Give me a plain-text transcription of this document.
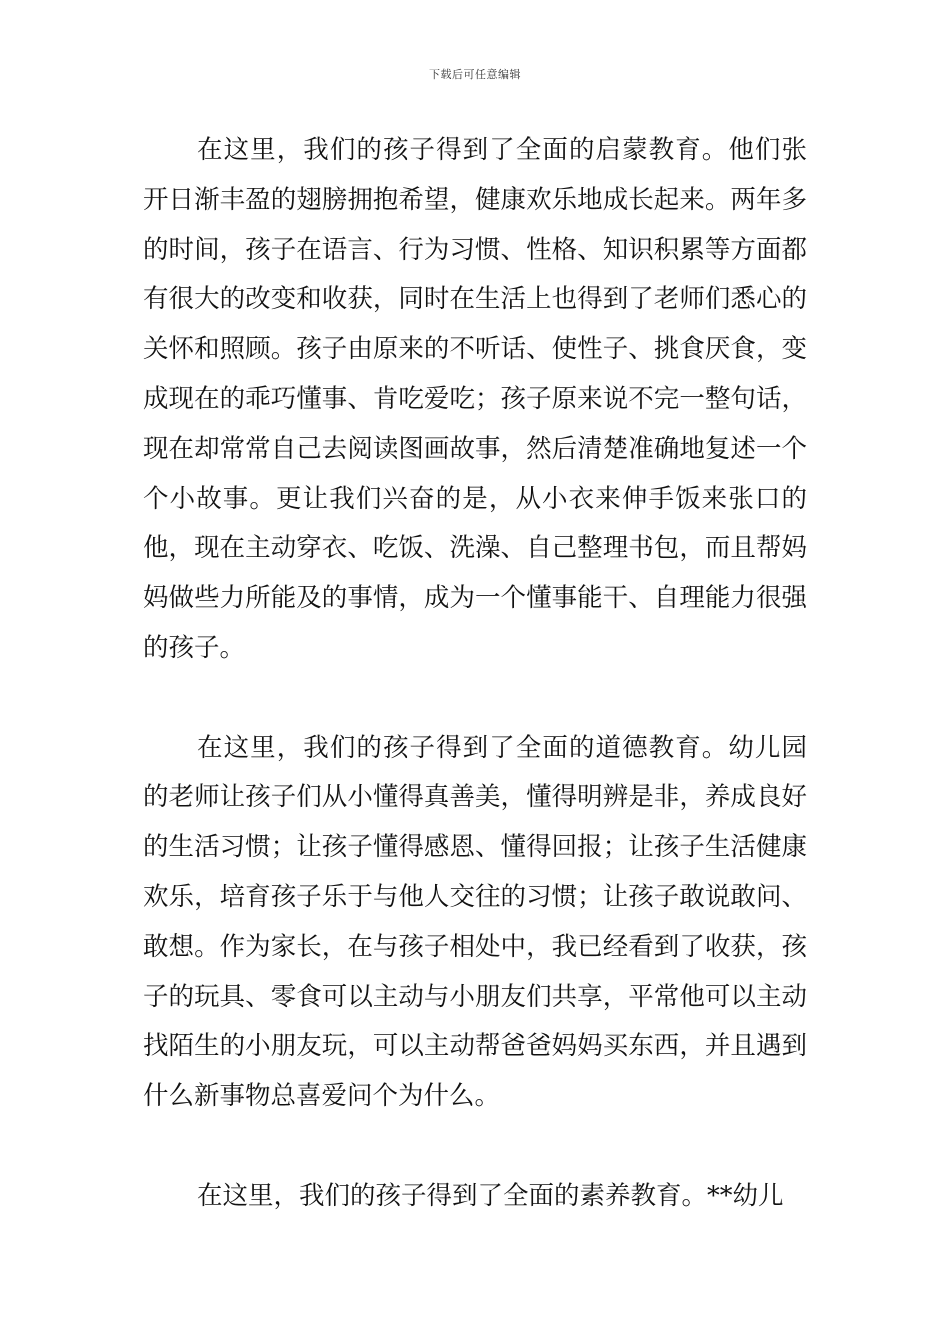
下载后可任意编辑

在这里，我们的孩子得到了全面的启蒙教育。他们张开日渐丰盈的翅膀拥抱希望，健康欢乐地成长起来。两年多的时间，孩子在语言、行为习惯、性格、知识积累等方面都有很大的改变和收获，同时在生活上也得到了老师们悉心的关怀和照顾。孩子由原来的不听话、使性子、挑食厌食，变成现在的乖巧懂事、肯吃爱吃；孩子原来说不完一整句话，现在却常常自己去阅读图画故事，然后清楚准确地复述一个个小故事。更让我们兴奋的是，从小衣来伸手饭来张口的他，现在主动穿衣、吃饭、洗澡、自己整理书包，而且帮妈妈做些力所能及的事情，成为一个懂事能干、自理能力很强的孩子。

在这里，我们的孩子得到了全面的道德教育。幼儿园的老师让孩子们从小懂得真善美，懂得明辨是非，养成良好的生活习惯；让孩子懂得感恩、懂得回报；让孩子生活健康欢乐，培育孩子乐于与他人交往的习惯；让孩子敢说敢问、敢想。作为家长，在与孩子相处中，我已经看到了收获，孩子的玩具、零食可以主动与小朋友们共享，平常他可以主动找陌生的小朋友玩，可以主动帮爸爸妈妈买东西，并且遇到什么新事物总喜爱问个为什么。

在这里，我们的孩子得到了全面的素养教育。**幼儿
